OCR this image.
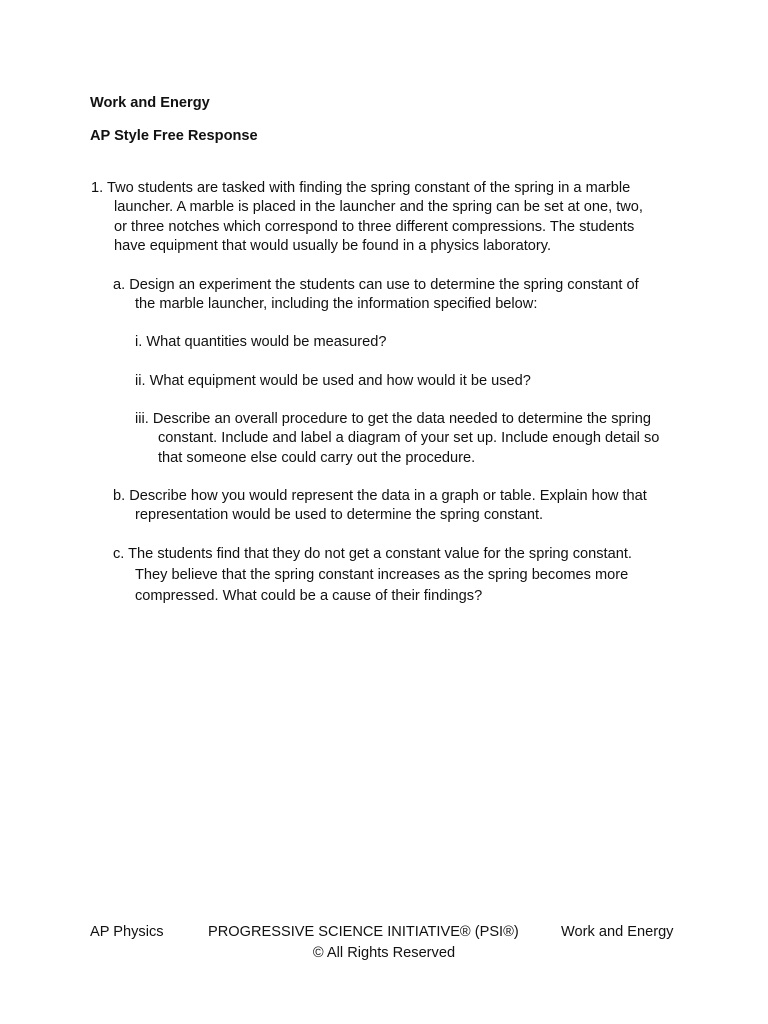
Work and Energy

AP Style Free Response

1. Two students are tasked with finding the spring constant of the spring in a marble
launcher. A marble is placed in the launcher and the spring can be set at one, two,
or three notches which correspond to three different compressions. The students
have equipment that would usually be found in a physics laboratory.
a. Design an experiment the students can use to determine the spring constant of
the marble launcher, including the information specified below:
i. What quantities would be measured?
ii. What equipment would be used and how would it be used?
iii. Describe an overall procedure to get the data needed to determine the spring
constant. Include and label a diagram of your set up. Include enough detail so
that someone else could carry out the procedure.
b. Describe how you would represent the data in a graph or table. Explain how that
representation would be used to determine the spring constant.
c. The students find that they do not get a constant value for the spring constant.
They believe that the spring constant increases as the spring becomes more
compressed. What could be a cause of their findings?
AP Physics	PROGRESSIVE SCIENCE INITIATIVE® (PSI®)	Work and Energy
© All Rights Reserved
